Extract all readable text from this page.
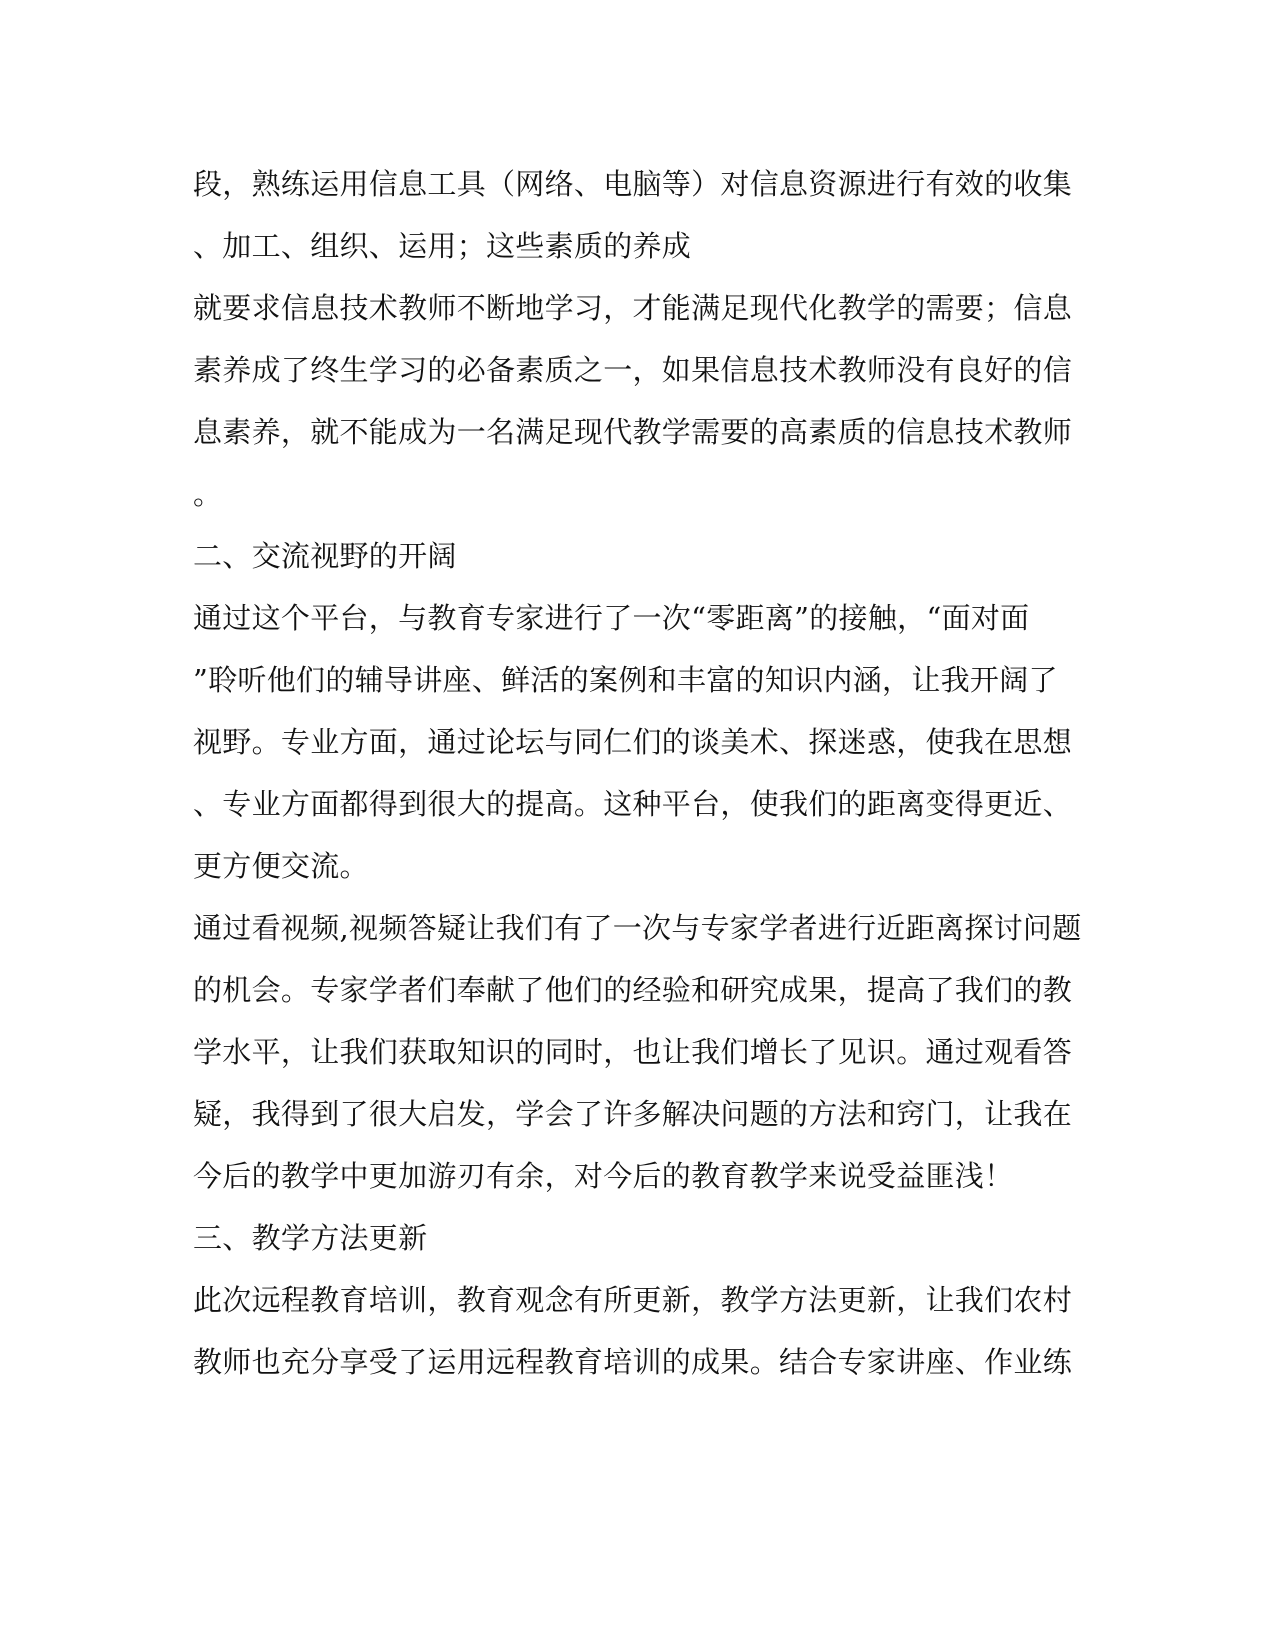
段，熟练运用信息工具（网络、电脑等）对信息资源进行有效的收集
、加工、组织、运用；这些素质的养成
就要求信息技术教师不断地学习，才能满足现代化教学的需要；信息
素养成了终生学习的必备素质之一，如果信息技术教师没有良好的信
息素养，就不能成为一名满足现代教学需要的高素质的信息技术教师
。
二、交流视野的开阔
通过这个平台，与教育专家进行了一次“零距离”的接触，“面对面
”聆听他们的辅导讲座、鲜活的案例和丰富的知识内涵，让我开阔了
视野。专业方面，通过论坛与同仁们的谈美术、探迷惑，使我在思想
、专业方面都得到很大的提高。这种平台，使我们的距离变得更近、
更方便交流。
通过看视频,视频答疑让我们有了一次与专家学者进行近距离探讨问题
的机会。专家学者们奉献了他们的经验和研究成果，提高了我们的教
学水平，让我们获取知识的同时，也让我们增长了见识。通过观看答
疑，我得到了很大启发，学会了许多解决问题的方法和窍门，让我在
今后的教学中更加游刃有余，对今后的教育教学来说受益匪浅！
三、教学方法更新
此次远程教育培训，教育观念有所更新，教学方法更新，让我们农村
教师也充分享受了运用远程教育培训的成果。结合专家讲座、作业练
